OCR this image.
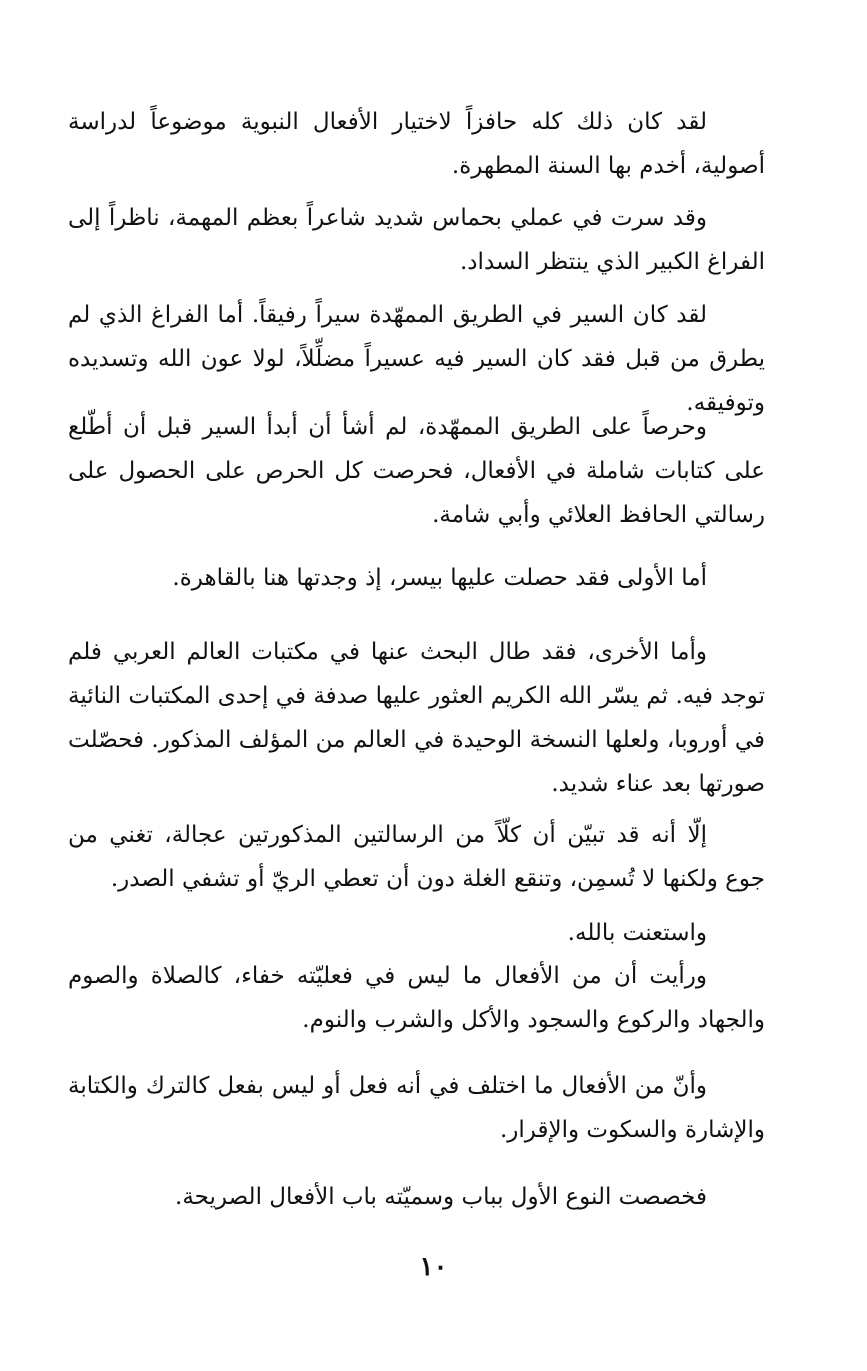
لقد كان ذلك كله حافزاً لاختيار الأفعال النبوية موضوعاً لدراسة أصولية، أخدم بها السنة المطهرة.

وقد سرت في عملي بحماس شديد شاعراً بعظم المهمة، ناظراً إلى الفراغ الكبير الذي ينتظر السداد.

لقد كان السير في الطريق الممهّدة سيراً رفيقاً. أما الفراغ الذي لم يطرق من قبل فقد كان السير فيه عسيراً مضلِّلاً، لولا عون الله وتسديده وتوفيقه.

وحرصاً على الطريق الممهّدة، لم أشأ أن أبدأ السير قبل أن أطّلع على كتابات شاملة في الأفعال، فحرصت كل الحرص على الحصول على رسالتي الحافظ العلائي وأبي شامة.

أما الأولى فقد حصلت عليها بيسر، إذ وجدتها هنا بالقاهرة.

وأما الأخرى، فقد طال البحث عنها في مكتبات العالم العربي فلم توجد فيه. ثم يسّر الله الكريم العثور عليها صدفة في إحدى المكتبات النائية في أوروبا، ولعلها النسخة الوحيدة في العالم من المؤلف المذكور. فحصّلت صورتها بعد عناء شديد.

إلّا أنه قد تبيّن أن كلّاً من الرسالتين المذكورتين عجالة، تغني من جوع ولكنها لا تُسمِن، وتنقع الغلة دون أن تعطي الريّ أو تشفي الصدر.

واستعنت بالله.

ورأيت أن من الأفعال ما ليس في فعليّته خفاء، كالصلاة والصوم والجهاد والركوع والسجود والأكل والشرب والنوم.

وأنّ من الأفعال ما اختلف في أنه فعل أو ليس بفعل كالترك والكتابة والإشارة والسكوت والإقرار.

فخصصت النوع الأول بباب وسميّته باب الأفعال الصريحة.

١٠
